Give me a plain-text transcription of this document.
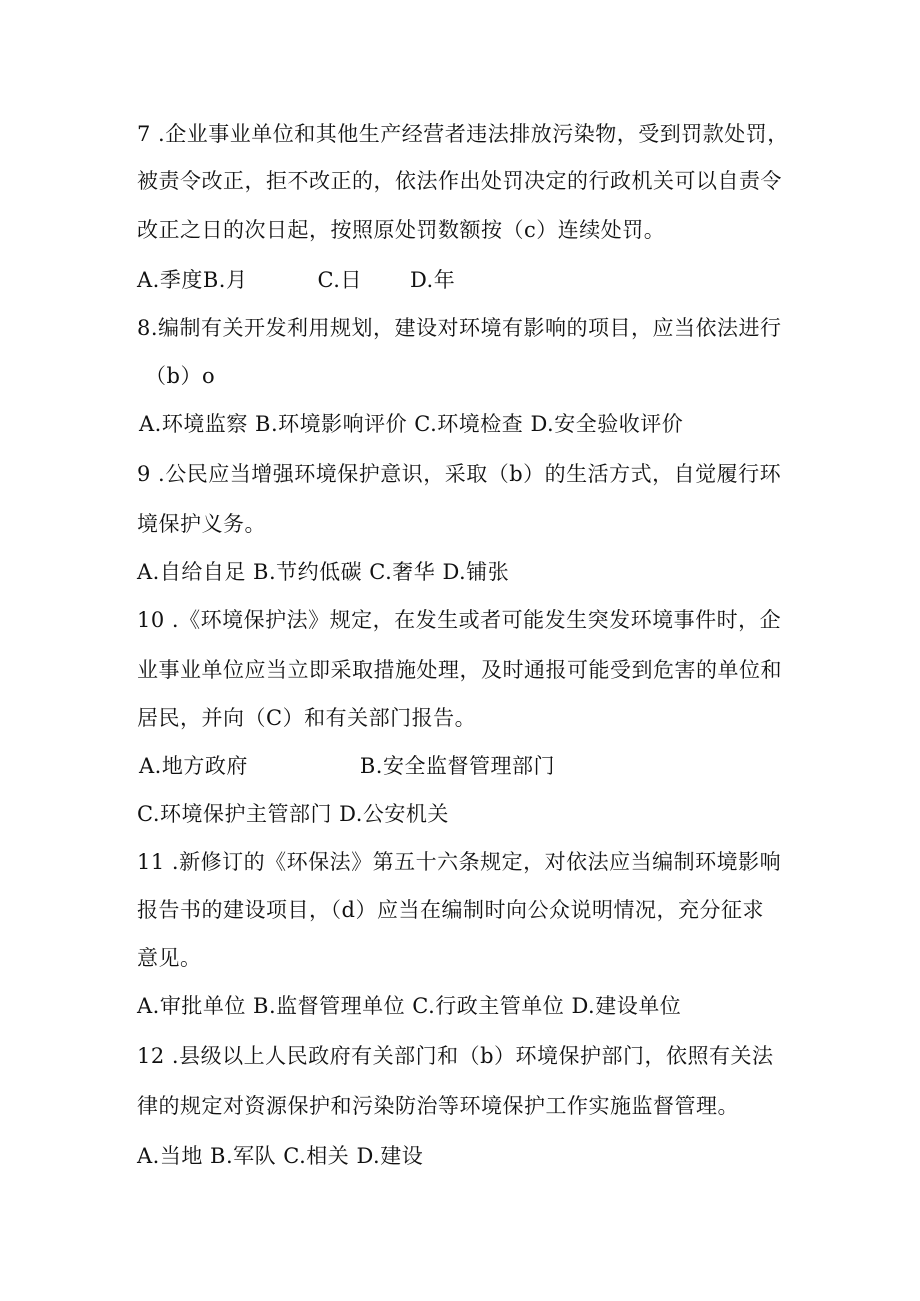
7 .企业事业单位和其他生产经营者违法排放污染物，受到罚款处罚，
被责令改正，拒不改正的，依法作出处罚决定的行政机关可以自责令
改正之日的次日起，按照原处罚数额按（c）连续处罚。
A.季度B.月	C.日 D.年
8.编制有关开发利用规划，建设对环境有影响的项目，应当依法进行
（b）o
A.环境监察 B.环境影响评价 C.环境检查 D.安全验收评价
9 .公民应当增强环境保护意识，采取（b）的生活方式，自觉履行环
境保护义务。
A.自给自足 B.节约低碳 C.奢华 D.铺张
10 .《环境保护法》规定，在发生或者可能发生突发环境事件时，企
业事业单位应当立即采取措施处理，及时通报可能受到危害的单位和
居民，并向（C）和有关部门报告。
A.地方政府	B.安全监督管理部门
C.环境保护主管部门 D.公安机关
11 .新修订的《环保法》第五十六条规定，对依法应当编制环境影响
报告书的建设项目，（d）应当在编制时向公众说明情况，充分征求
意见。
A.审批单位 B.监督管理单位 C.行政主管单位 D.建设单位
12 .县级以上人民政府有关部门和（b）环境保护部门，依照有关法
律的规定对资源保护和污染防治等环境保护工作实施监督管理。
A.当地 B.军队 C.相关 D.建设
